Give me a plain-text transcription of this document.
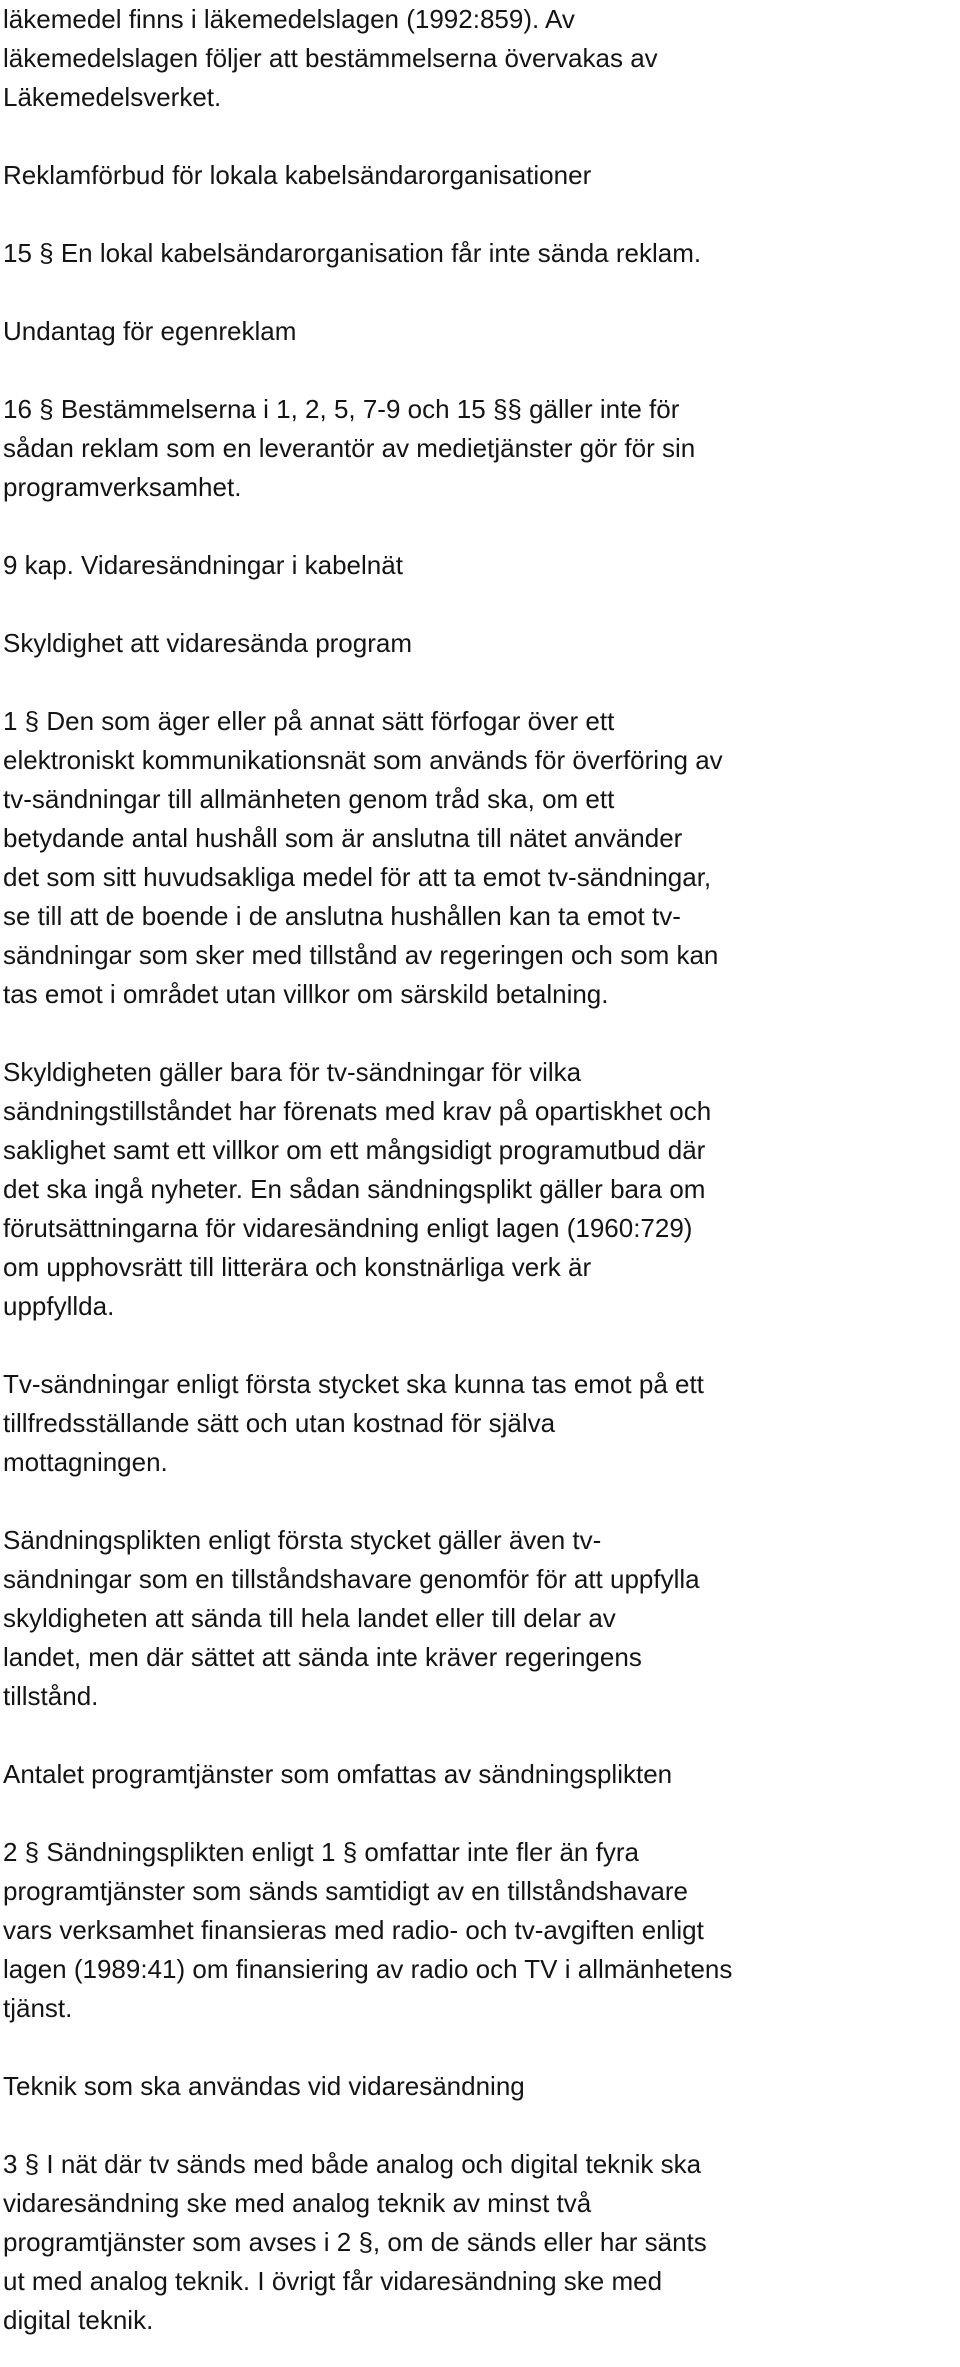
läkemedel finns i läkemedelslagen (1992:859). Av
läkemedelslagen följer att bestämmelserna övervakas av
Läkemedelsverket.
Reklamförbud för lokala kabelsändarorganisationer
15 § En lokal kabelsändarorganisation får inte sända reklam.
Undantag för egenreklam
16 § Bestämmelserna i 1, 2, 5, 7-9 och 15 §§ gäller inte för
sådan reklam som en leverantör av medietjänster gör för sin
programverksamhet.
9 kap. Vidaresändningar i kabelnät
Skyldighet att vidaresända program
1 § Den som äger eller på annat sätt förfogar över ett
elektroniskt kommunikationsnät som används för överföring av
tv-sändningar till allmänheten genom tråd ska, om ett
betydande antal hushåll som är anslutna till nätet använder
det som sitt huvudsakliga medel för att ta emot tv-sändningar,
se till att de boende i de anslutna hushållen kan ta emot tv-
sändningar som sker med tillstånd av regeringen och som kan
tas emot i området utan villkor om särskild betalning.
Skyldigheten gäller bara för tv-sändningar för vilka
sändningstillståndet har förenats med krav på opartiskhet och
saklighet samt ett villkor om ett mångsidigt programutbud där
det ska ingå nyheter. En sådan sändningsplikt gäller bara om
förutsättningarna för vidaresändning enligt lagen (1960:729)
om upphovsrätt till litterära och konstnärliga verk är
uppfyllda.
Tv-sändningar enligt första stycket ska kunna tas emot på ett
tillfredsställande sätt och utan kostnad för själva
mottagningen.
Sändningsplikten enligt första stycket gäller även tv-
sändningar som en tillståndshavare genomför för att uppfylla
skyldigheten att sända till hela landet eller till delar av
landet, men där sättet att sända inte kräver regeringens
tillstånd.
Antalet programtjänster som omfattas av sändningsplikten
2 § Sändningsplikten enligt 1 § omfattar inte fler än fyra
programtjänster som sänds samtidigt av en tillståndshavare
vars verksamhet finansieras med radio- och tv-avgiften enligt
lagen (1989:41) om finansiering av radio och TV i allmänhetens
tjänst.
Teknik som ska användas vid vidaresändning
3 § I nät där tv sänds med både analog och digital teknik ska
vidaresändning ske med analog teknik av minst två
programtjänster som avses i 2 §, om de sänds eller har sänts
ut med analog teknik. I övrigt får vidaresändning ske med
digital teknik.
